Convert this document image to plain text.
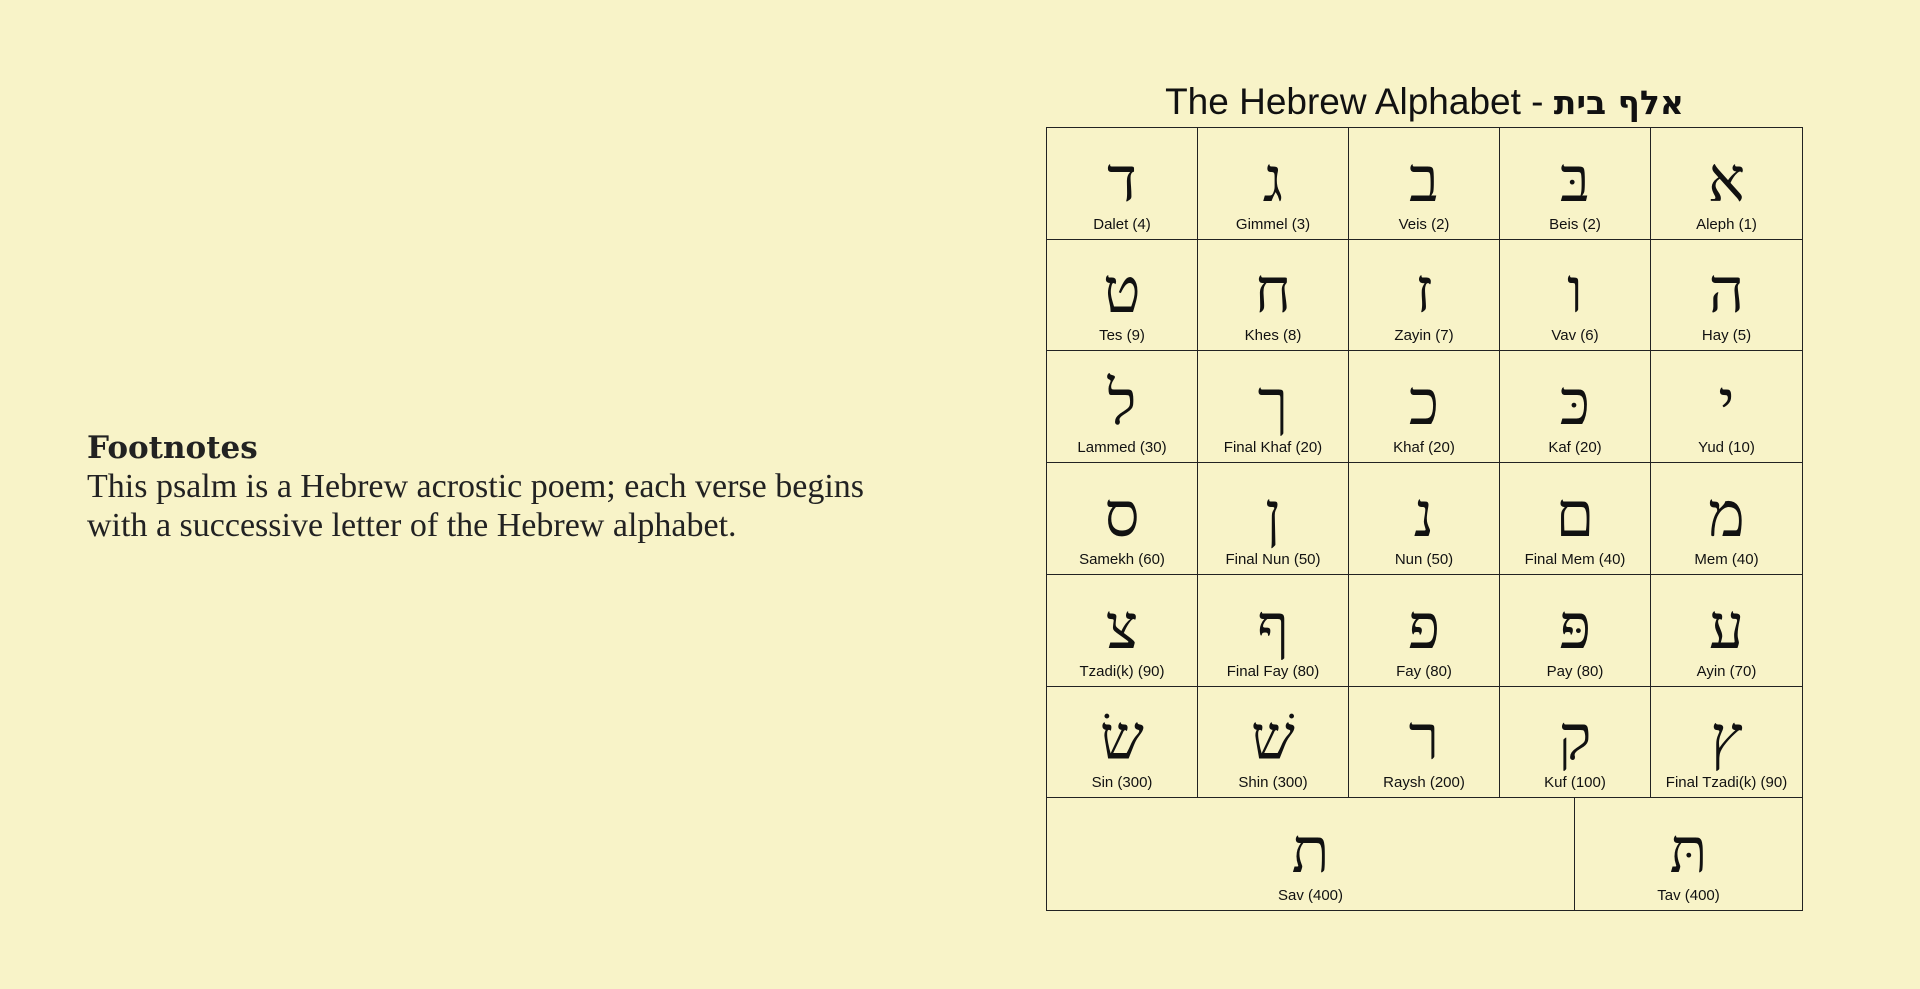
Footnotes
This psalm is a Hebrew acrostic poem; each verse begins with a successive letter of the Hebrew alphabet.
The Hebrew Alphabet - אלף בית
ד
Dalet (4)
ג
Gimmel (3)
ב
Veis (2)
בּ
Beis (2)
א
Aleph (1)
ט
Tes (9)
ח
Khes (8)
ז
Zayin (7)
ו
Vav (6)
ה
Hay (5)
ל
Lammed (30)
ך
Final Khaf (20)
כ
Khaf (20)
כּ
Kaf (20)
י
Yud (10)
ס
Samekh (60)
ן
Final Nun (50)
נ
Nun (50)
ם
Final Mem (40)
מ
Mem (40)
צ
Tzadi(k) (90)
ף
Final Fay (80)
פ
Fay (80)
פּ
Pay (80)
ע
Ayin (70)
שׂ
Sin (300)
שׁ
Shin (300)
ר
Raysh (200)
ק
Kuf (100)
ץ
Final Tzadi(k) (90)
ת
Sav (400)
תּ
Tav (400)
